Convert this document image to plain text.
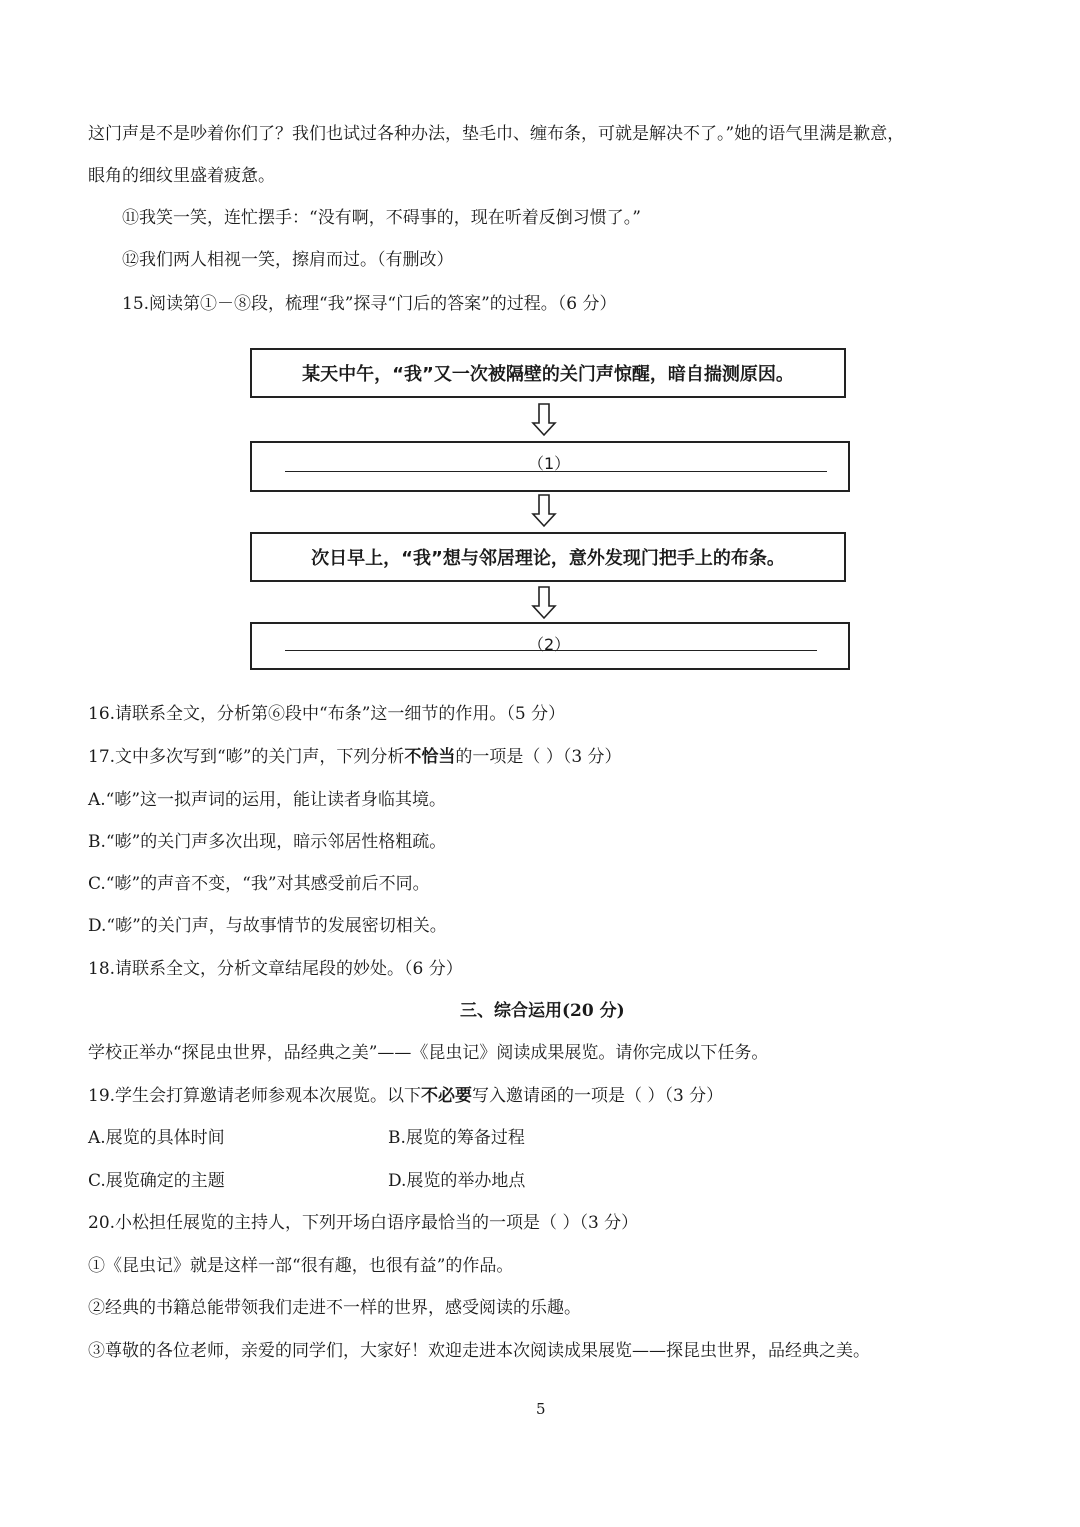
这门声是不是吵着你们了？我们也试过各种办法，垫毛巾、缠布条，可就是解决不了。”她的语气里满是歉意，
眼角的细纹里盛着疲惫。
⑪我笑一笑，连忙摆手：“没有啊，不碍事的，现在听着反倒习惯了。”
⑫我们两人相视一笑，擦肩而过。（有删改）
15.阅读第①－⑧段，梳理“我”探寻“门后的答案”的过程。（6 分）
某天中午，“我”又一次被隔壁的关门声惊醒，暗自揣测原因。
（1）
次日早上，“我”想与邻居理论，意外发现门把手上的布条。
（2）
16.请联系全文，分析第⑥段中“布条”这一细节的作用。（5 分）
17.文中多次写到“嘭”的关门声，下列分析不恰当的一项是（ ）（3 分）
A.“嘭”这一拟声词的运用，能让读者身临其境。
B.“嘭”的关门声多次出现，暗示邻居性格粗疏。
C.“嘭”的声音不变，“我”对其感受前后不同。
D.“嘭”的关门声，与故事情节的发展密切相关。
18.请联系全文，分析文章结尾段的妙处。（6 分）
三、综合运用(20 分)
学校正举办“探昆虫世界，品经典之美”——《昆虫记》阅读成果展览。请你完成以下任务。
19.学生会打算邀请老师参观本次展览。以下不必要写入邀请函的一项是（ ）（3 分）
A.展览的具体时间	B.展览的筹备过程
C.展览确定的主题	D.展览的举办地点
20.小松担任展览的主持人，下列开场白语序最恰当的一项是（ ）（3 分）
①《昆虫记》就是这样一部“很有趣，也很有益”的作品。
②经典的书籍总能带领我们走进不一样的世界，感受阅读的乐趣。
③尊敬的各位老师，亲爱的同学们，大家好！欢迎走进本次阅读成果展览——探昆虫世界，品经典之美。
5
